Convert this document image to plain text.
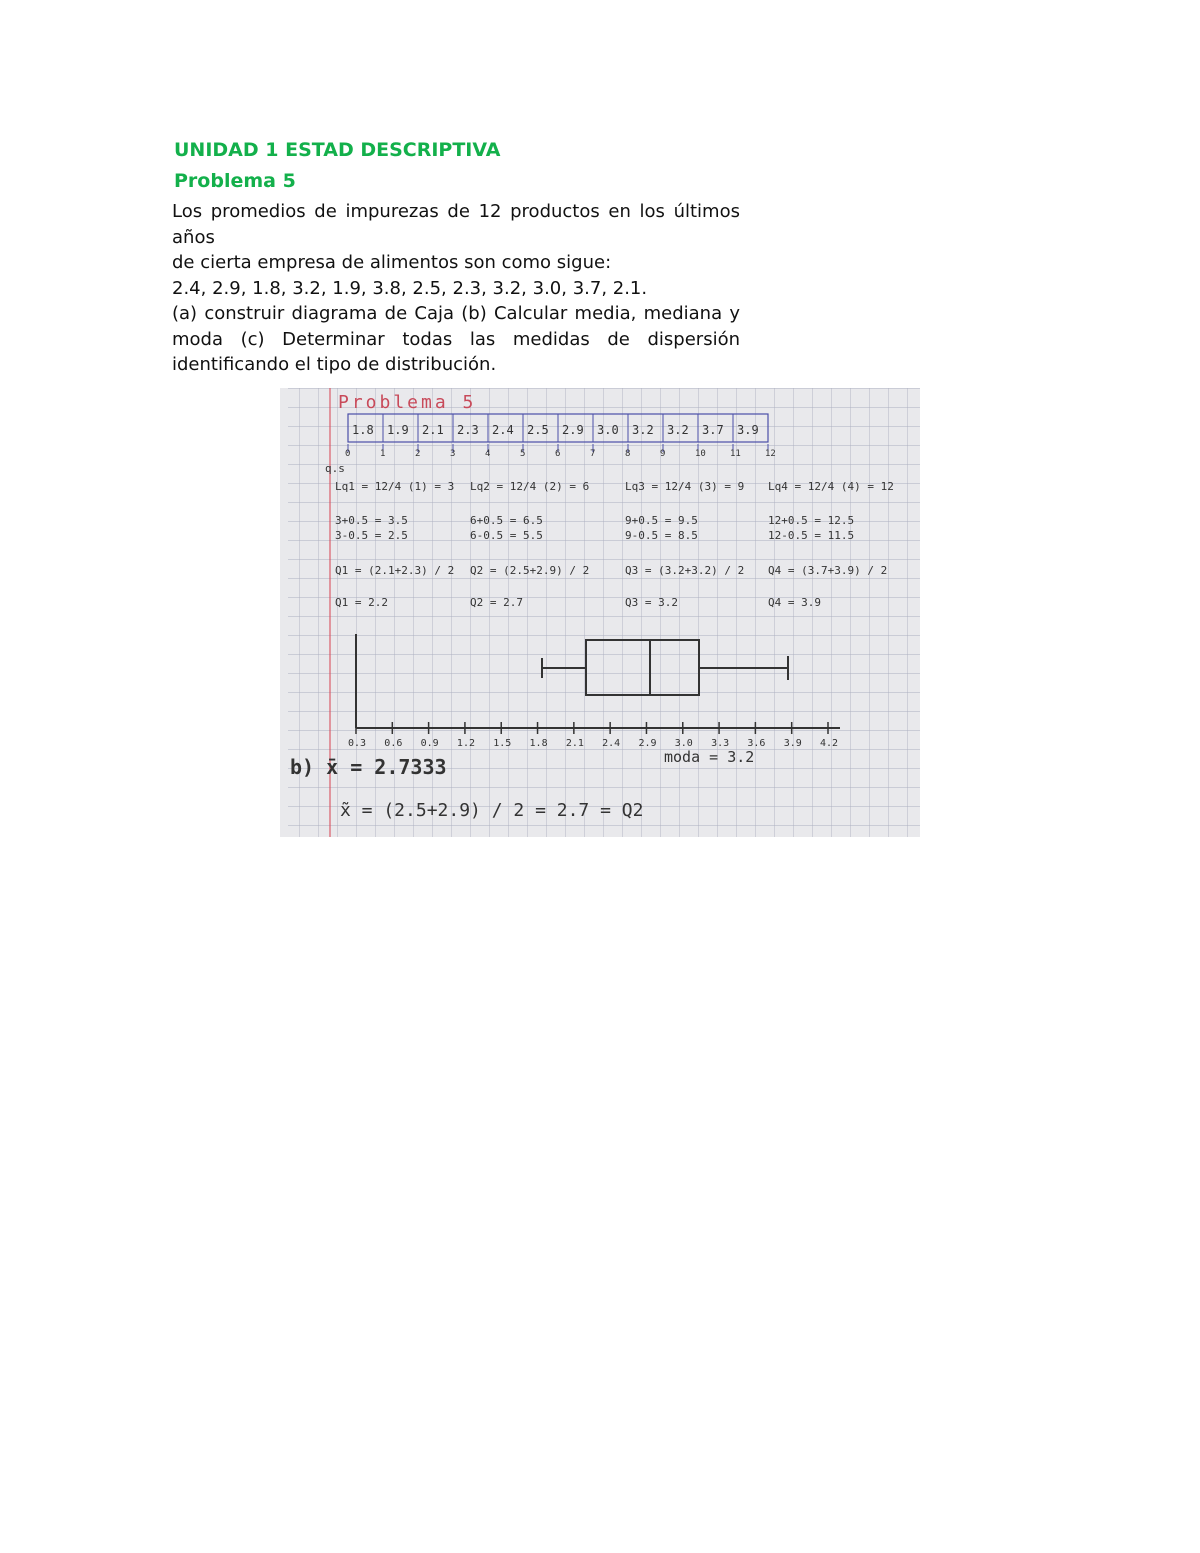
UNIDAD 1 ESTAD DESCRIPTIVA
Problema 5

Los promedios de impurezas de 12 productos en los últimos años

de cierta empresa de alimentos son como sigue:

2.4, 2.9, 1.8, 3.2, 1.9, 3.8, 2.5, 2.3, 3.2, 3.0, 3.7, 2.1.

(a) construir diagrama de Caja (b) Calcular media, mediana y moda (c) Determinar todas las medidas de dispersión identificando el tipo de distribución.

Problema 5
1.8 1.9 2.1 2.3 2.4 2.5 2.9 3.0 3.2 3.2 3.7 3.9
0	1	2	3	4	5	6	7	8	9	10	11	12
q.s
Lq1 = 12/4 (1) = 3
3+0.5 = 3.5
3-0.5 = 2.5
Q1 = (2.1+2.3) / 2
Q1 = 2.2
Lq2 = 12/4 (2) = 6
6+0.5 = 6.5
6-0.5 = 5.5
Q2 = (2.5+2.9) / 2
Q2 = 2.7
Lq3 = 12/4 (3) = 9
9+0.5 = 9.5
9-0.5 = 8.5
Q3 = (3.2+3.2) / 2
Q3 = 3.2
Lq4 = 12/4 (4) = 12
12+0.5 = 12.5
12-0.5 = 11.5
Q4 = (3.7+3.9) / 2
Q4 = 3.9
0.3 0.6 0.9 1.2 1.5 1.8 2.1 2.4 2.9 3.0 3.3 3.6 3.9 4.2
b) x̄ = 2.7333	moda = 3.2
x̃ = (2.5+2.9) / 2 = 2.7 = Q2
